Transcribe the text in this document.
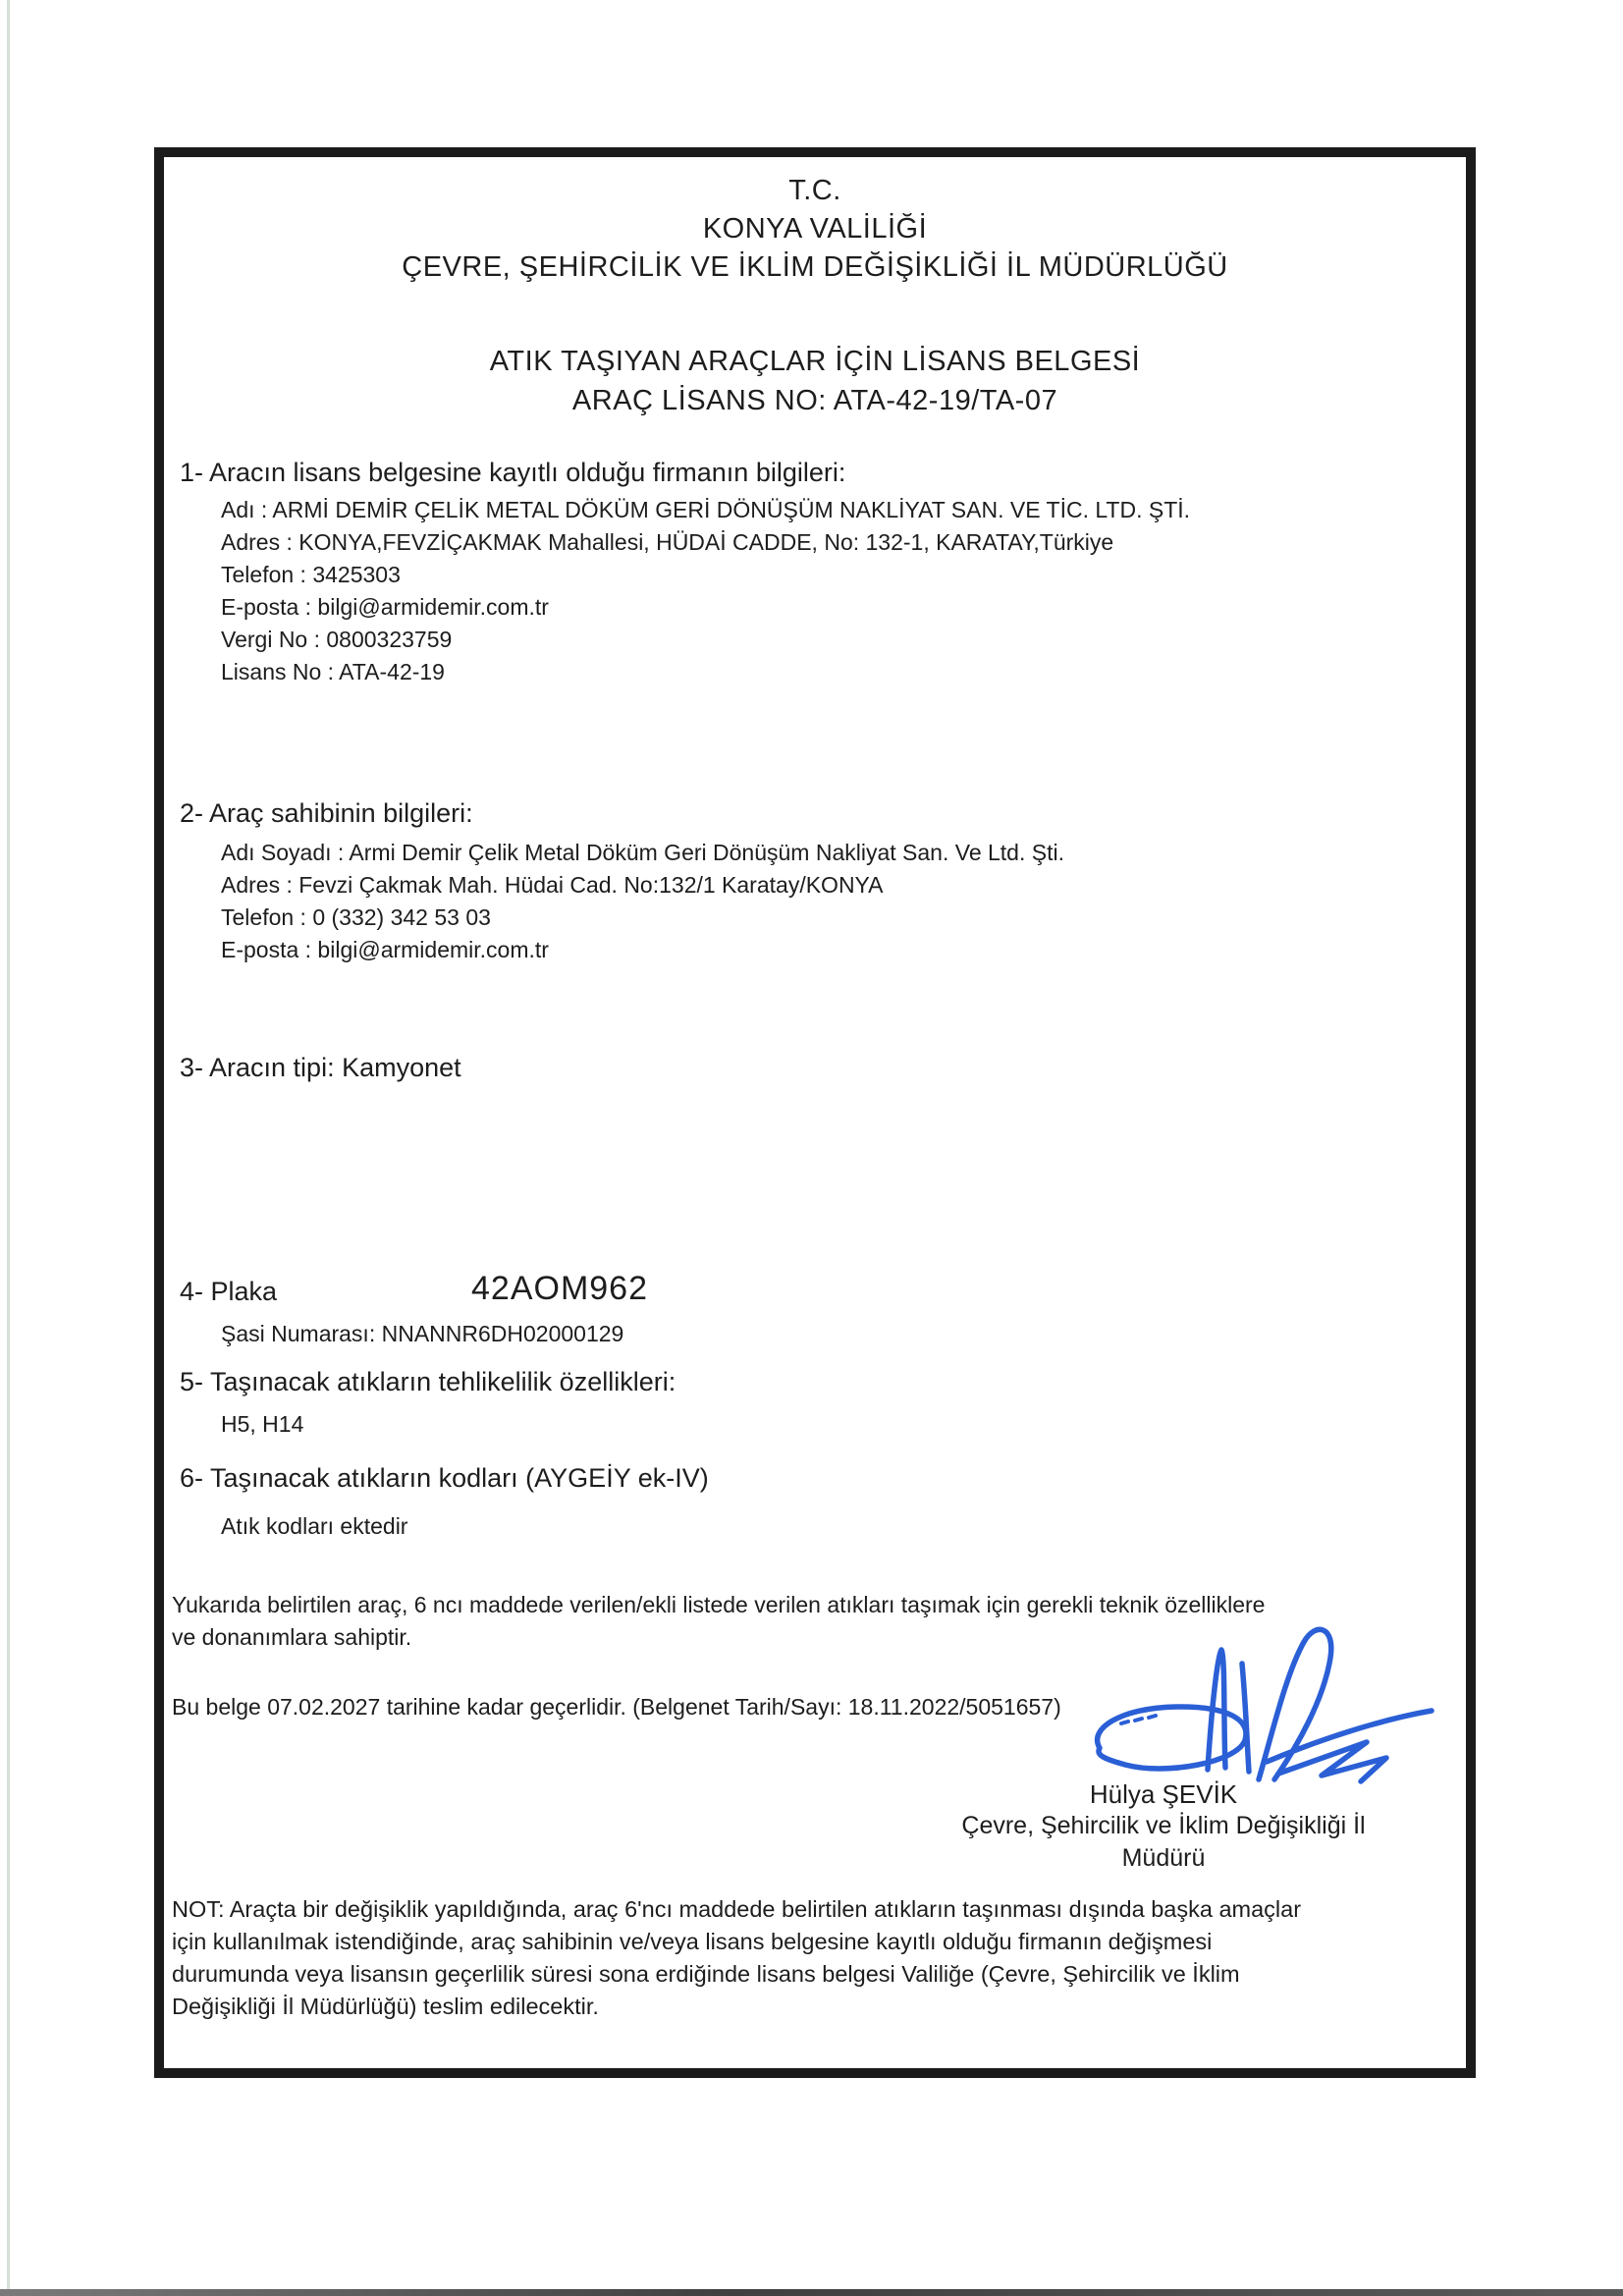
T.C.
KONYA VALİLİĞİ
ÇEVRE, ŞEHİRCİLİK VE İKLİM DEĞİŞİKLİĞİ İL MÜDÜRLÜĞÜ
ATIK TAŞIYAN ARAÇLAR İÇİN LİSANS BELGESİ
ARAÇ LİSANS NO: ATA-42-19/TA-07
1- Aracın lisans belgesine kayıtlı olduğu firmanın bilgileri:
Adı : ARMİ DEMİR ÇELİK METAL DÖKÜM GERİ DÖNÜŞÜM NAKLİYAT SAN. VE TİC. LTD. ŞTİ.
Adres : KONYA,FEVZİÇAKMAK Mahallesi, HÜDAİ CADDE, No: 132-1, KARATAY,Türkiye
Telefon : 3425303
E-posta : bilgi@armidemir.com.tr
Vergi No : 0800323759
Lisans No : ATA-42-19
2- Araç sahibinin bilgileri:
Adı Soyadı : Armi Demir Çelik Metal Döküm Geri Dönüşüm Nakliyat San. Ve Ltd. Şti.
Adres : Fevzi Çakmak Mah. Hüdai Cad. No:132/1 Karatay/KONYA
Telefon : 0 (332) 342 53 03
E-posta : bilgi@armidemir.com.tr
3- Aracın tipi: Kamyonet
4- Plaka	42AOM962
Şasi Numarası: NNANNR6DH02000129
5- Taşınacak atıkların tehlikelilik özellikleri:
H5, H14
6- Taşınacak atıkların kodları (AYGEİY ek-IV)
Atık kodları ektedir
Yukarıda belirtilen araç, 6 ncı maddede verilen/ekli listede verilen atıkları taşımak için gerekli teknik özelliklere
ve donanımlara sahiptir.
Bu belge 07.02.2027 tarihine kadar geçerlidir. (Belgenet Tarih/Sayı: 18.11.2022/5051657)
Hülya ŞEVİK
Çevre, Şehircilik ve İklim Değişikliği İl
Müdürü
NOT: Araçta bir değişiklik yapıldığında, araç 6'ncı maddede belirtilen atıkların taşınması dışında başka amaçlar
için kullanılmak istendiğinde, araç sahibinin ve/veya lisans belgesine kayıtlı olduğu firmanın değişmesi
durumunda veya lisansın geçerlilik süresi sona erdiğinde lisans belgesi Valiliğe (Çevre, Şehircilik ve İklim
Değişikliği İl Müdürlüğü) teslim edilecektir.
